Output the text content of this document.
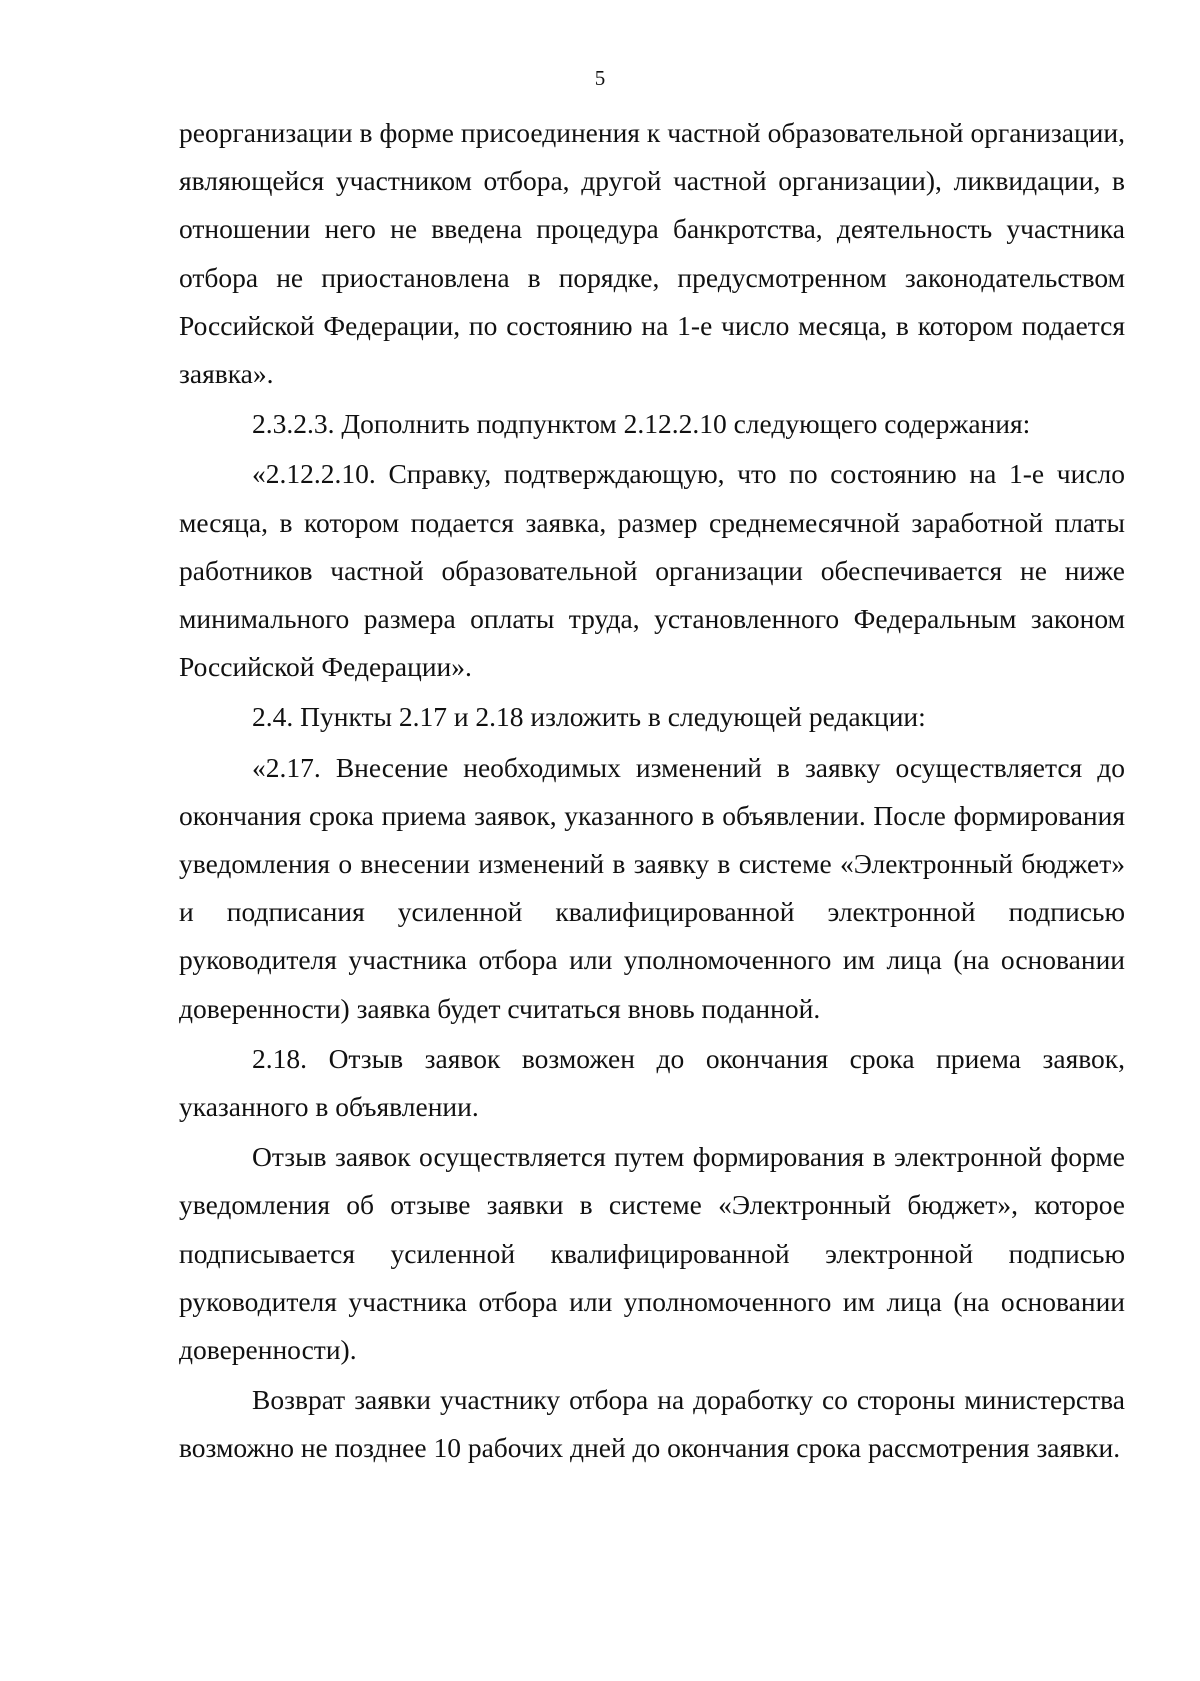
5

реорганизации в форме присоединения к частной образовательной организации, являющейся участником отбора, другой частной организации), ликвидации, в отношении него не введена процедура банкротства, деятельность участника отбора не приостановлена в порядке, предусмотренном законодательством Российской Федерации, по состоянию на 1-е число месяца, в котором подается заявка».

2.3.2.3. Дополнить подпунктом 2.12.2.10 следующего содержания:

«2.12.2.10. Справку, подтверждающую, что по состоянию на 1-е число месяца, в котором подается заявка, размер среднемесячной заработной платы работников частной образовательной организации обеспечивается не ниже минимального размера оплаты труда, установленного Федеральным законом Российской Федерации».

2.4. Пункты 2.17 и 2.18 изложить в следующей редакции:

«2.17. Внесение необходимых изменений в заявку осуществляется до окончания срока приема заявок, указанного в объявлении. После формирования уведомления о внесении изменений в заявку в системе «Электронный бюджет» и подписания усиленной квалифицированной электронной подписью руководителя участника отбора или уполномоченного им лица (на основании доверенности) заявка будет считаться вновь поданной.

2.18. Отзыв заявок возможен до окончания срока приема заявок, указанного в объявлении.

Отзыв заявок осуществляется путем формирования в электронной форме уведомления об отзыве заявки в системе «Электронный бюджет», которое подписывается усиленной квалифицированной электронной подписью руководителя участника отбора или уполномоченного им лица (на основании доверенности).

Возврат заявки участнику отбора на доработку со стороны министерства возможно не позднее 10 рабочих дней до окончания срока рассмотрения заявки.
